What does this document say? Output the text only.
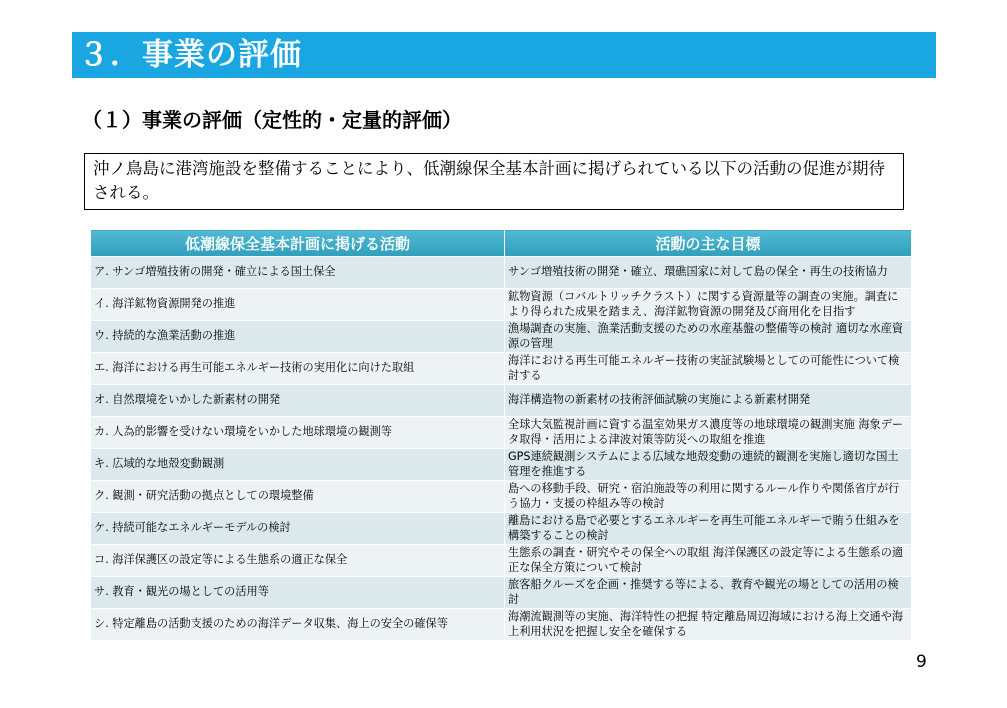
３．事業の評価
（１）事業の評価（定性的・定量的評価）
沖ノ鳥島に港湾施設を整備することにより、低潮線保全基本計画に掲げられている以下の活動の促進が期待される。
低潮線保全基本計画に掲げる活動	活動の主な目標
ア. サンゴ増殖技術の開発・確立による国土保全	サンゴ増殖技術の開発・確立、環礁国家に対して島の保全・再生の技術協力
イ. 海洋鉱物資源開発の推進	鉱物資源（コバルトリッチクラスト）に関する資源量等の調査の実施。調査により得られた成果を踏まえ、海洋鉱物資源の開発及び商用化を目指す
ウ. 持続的な漁業活動の推進	漁場調査の実施、漁業活動支援のための水産基盤の整備等の検討 適切な水産資源の管理
エ. 海洋における再生可能エネルギー技術の実用化に向けた取組	海洋における再生可能エネルギー技術の実証試験場としての可能性について検討する
オ. 自然環境をいかした新素材の開発	海洋構造物の新素材の技術評価試験の実施による新素材開発
カ. 人為的影響を受けない環境をいかした地球環境の観測等	全球大気監視計画に資する温室効果ガス濃度等の地球環境の観測実施 海象データ取得・活用による津波対策等防災への取組を推進
キ. 広域的な地殻変動観測	GPS連続観測システムによる広域な地殻変動の連続的観測を実施し適切な国土管理を推進する
ク. 観測・研究活動の拠点としての環境整備	島への移動手段、研究・宿泊施設等の利用に関するルール作りや関係省庁が行う協力・支援の枠組み等の検討
ケ. 持続可能なエネルギーモデルの検討	離島における島で必要とするエネルギーを再生可能エネルギーで賄う仕組みを構築することの検討
コ. 海洋保護区の設定等による生態系の適正な保全	生態系の調査・研究やその保全への取組 海洋保護区の設定等による生態系の適正な保全方策について検討
サ. 教育・観光の場としての活用等	旅客船クルーズを企画・推奨する等による、教育や観光の場としての活用の検討
シ. 特定離島の活動支援のための海洋データ収集、海上の安全の確保等	海潮流観測等の実施、海洋特性の把握 特定離島周辺海域における海上交通や海上利用状況を把握し安全を確保する
9
